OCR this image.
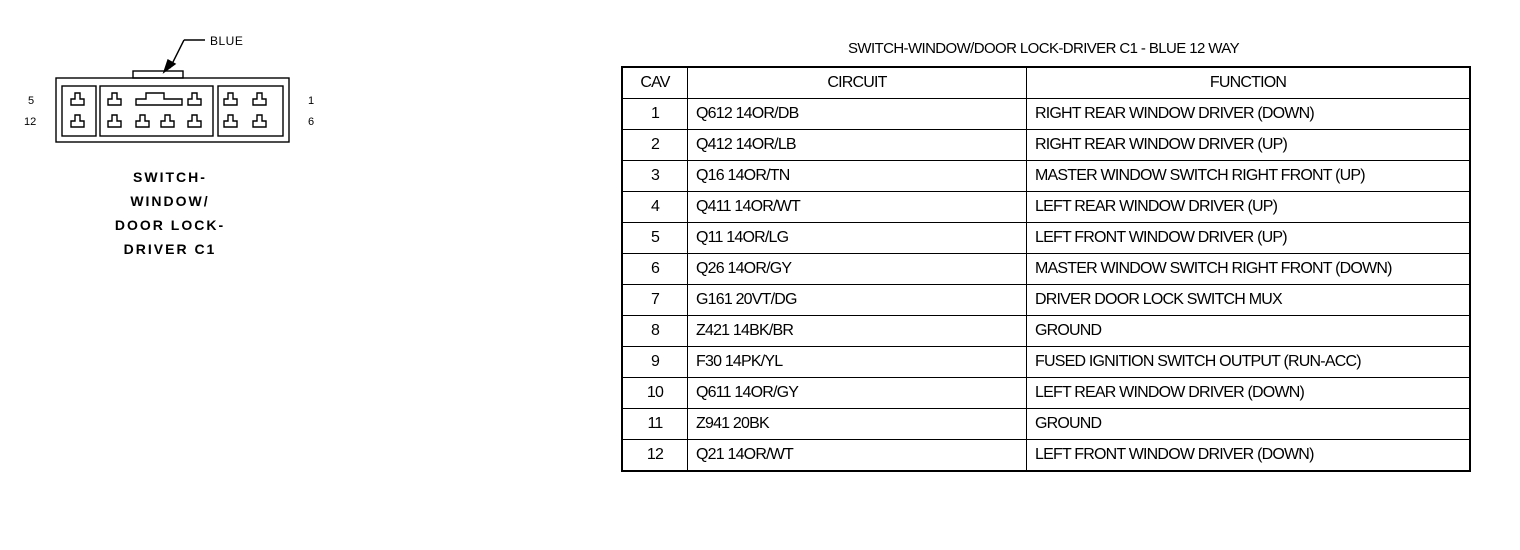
5
12
1
6
BLUE
SWITCH-
WINDOW/
DOOR LOCK-
DRIVER C1
SWITCH-WINDOW/DOOR LOCK-DRIVER C1 - BLUE 12 WAY
CAV	CIRCUIT	FUNCTION
1	Q612 14OR/DB	RIGHT REAR WINDOW DRIVER (DOWN)
2	Q412 14OR/LB	RIGHT REAR WINDOW DRIVER (UP)
3	Q16 14OR/TN	MASTER WINDOW SWITCH RIGHT FRONT (UP)
4	Q411 14OR/WT	LEFT REAR WINDOW DRIVER (UP)
5	Q11 14OR/LG	LEFT FRONT WINDOW DRIVER (UP)
6	Q26 14OR/GY	MASTER WINDOW SWITCH RIGHT FRONT (DOWN)
7	G161 20VT/DG	DRIVER DOOR LOCK SWITCH MUX
8	Z421 14BK/BR	GROUND
9	F30 14PK/YL	FUSED IGNITION SWITCH OUTPUT (RUN-ACC)
10	Q611 14OR/GY	LEFT REAR WINDOW DRIVER (DOWN)
11	Z941 20BK	GROUND
12	Q21 14OR/WT	LEFT FRONT WINDOW DRIVER (DOWN)
